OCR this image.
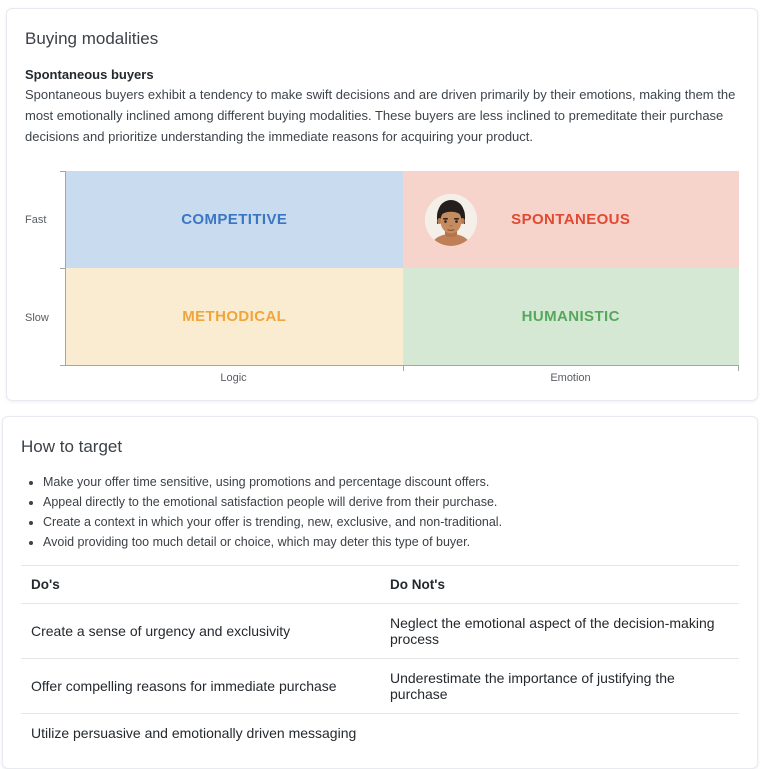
Buying modalities
Spontaneous buyers

Spontaneous buyers exhibit a tendency to make swift decisions and are driven primarily by their emotions, making them the most emotionally inclined among different buying modalities. These buyers are less inclined to premeditate their purchase decisions and prioritize understanding the immediate reasons for acquiring your product.

Fast
Slow
COMPETITIVE	SPONTANEOUS
METHODICAL	HUMANISTIC
Logic	Emotion
How to target
• Make your offer time sensitive, using promotions and percentage discount offers.
• Appeal directly to the emotional satisfaction people will derive from their purchase.
• Create a context in which your offer is trending, new, exclusive, and non-traditional.
• Avoid providing too much detail or choice, which may deter this type of buyer.
Do's	Do Not's
Create a sense of urgency and exclusivity	Neglect the emotional aspect of the decision-making process
Offer compelling reasons for immediate purchase	Underestimate the importance of justifying the purchase
Utilize persuasive and emotionally driven messaging	
